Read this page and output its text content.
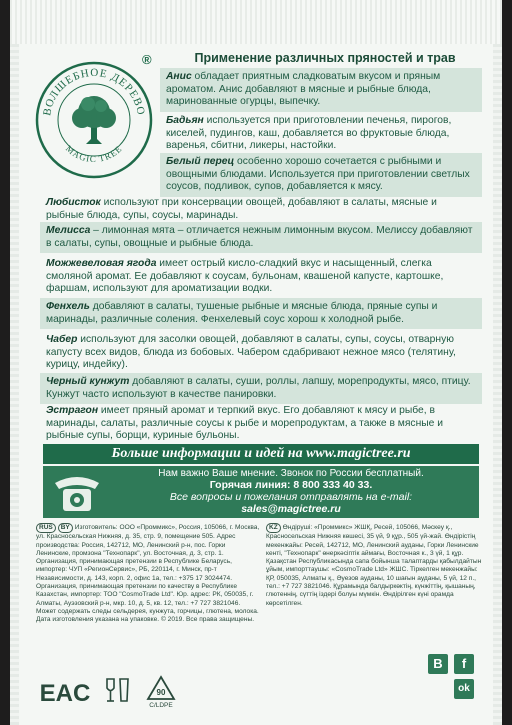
ВОЛШЕБНОЕ ДЕРЕВО
MAGIC TREE
®	Применение различных пряностей и трав
Анис обладает приятным сладковатым вкусом и пряным ароматом. Анис добавляют в мясные и рыбные блюда, маринованные огурцы, выпечку.
Бадьян используется при приготовлении печенья, пирогов, киселей, пудингов, каш, добавляется во фруктовые блюда, варенья, сбитни, ликеры, настойки.
Белый перец особенно хорошо сочетается с рыбными и овощными блюдами. Используется при приготовлении светлых соусов, подливок, супов, добавляется к мясу.
Любисток используют при консервации овощей, добавляют в салаты, мясные и рыбные блюда, супы, соусы, маринады.
Мелисса – лимонная мята – отличается нежным лимонным вкусом. Мелиссу добавляют в салаты, супы, овощные и рыбные блюда.
Можжевеловая ягода имеет острый кисло-сладкий вкус и насыщенный, слегка смоляной аромат. Ее добавляют к соусам, бульонам, квашеной капусте, картошке, фаршам, используют для ароматизации водки.
Фенхель добавляют в салаты, тушеные рыбные и мясные блюда, пряные супы и маринады, различные соления. Фенхелевый соус хорош к холодной рыбе.
Чабер используют для засолки овощей, добавляют в салаты, супы, соусы, отварную капусту всех видов, блюда из бобовых. Чабером сдабривают нежное мясо (телятину, курицу, индейку).
Черный кунжут добавляют в салаты, суши, роллы, лапшу, морепродукты, мясо, птицу. Кунжут часто используют в качестве панировки.
Эстрагон имеет пряный аромат и терпкий вкус. Его добавляют к мясу и рыбе, в маринады, салаты, различные соусы к рыбе и морепродуктам, а также в мясные и рыбные супы, борщи, куриные бульоны.
Больше информации и идей на www.magictree.ru
Нам важно Ваше мнение. Звонок по России бесплатный.
Горячая линия: 8 800 333 40 33.
Все вопросы и пожелания отправлять на e-mail:
sales@magictree.ru
RUS BY Изготовитель: ООО «Проммикс», Россия, 105066, г. Москва, ул. Красносельская Нижняя, д. 35, стр. 9, помещение 505. Адрес производства: Россия, 142712, МО, Ленинский р-н, пос. Горки Ленинские, промзона "Технопарк", ул. Восточная, д. 3, стр. 1. Организация, принимающая претензии в Республике Беларусь, импортер: ЧУП «РегионСервис», РБ, 220114, г. Минск, пр-т Независимости, д. 143, корп. 2, офис 1а, тел.: +375 17 3024474. Организация, принимающая претензии по качеству в Республике Казахстан, импортер: ТОО "CosmoTrade Ltd". Юр. адрес: РК, 050035, г. Алматы, Ауэзовский р-н, мкр. 10, д. 5, кв. 12, тел.: +7 727 3821046. Может содержать следы сельдерея, кунжута, горчицы, глютена, молока. Дата изготовления указана на упаковке. © 2019. Все права защищены.
KZ Өндіруші: «Проммикс» ЖШҚ, Ресей, 105066, Мәскеу қ., Красносельская Нижняя көшесі, 35 үй, 9 құр., 505 үй-жай. Өндірістің мекенжайы: Ресей, 142712, МО, Ленинский ауданы, Горки Ленинские кенті, "Технопарк" өнеркәсіптік аймағы, Восточная к., 3 үй, 1 құр. Қазақстан Республикасында сапа бойынша талаптарды қабылдайтын ұйым, импорттаушы: «CosmoTrade Ltd» ЖШС. Тіркелген мекенжайы: ҚР, 050035, Алматы қ., Әуезов ауданы, 10 шағын ауданы, 5 үй, 12 п., тел.: +7 727 3821046. Құрамында балдыркөктің, күнжіттің, қышаның, глютеннің, сүттің іздері болуы мүмкін. Өндірілген күні орамда көрсетілген.
EAC	90
C/LDPE
В	f
ok
